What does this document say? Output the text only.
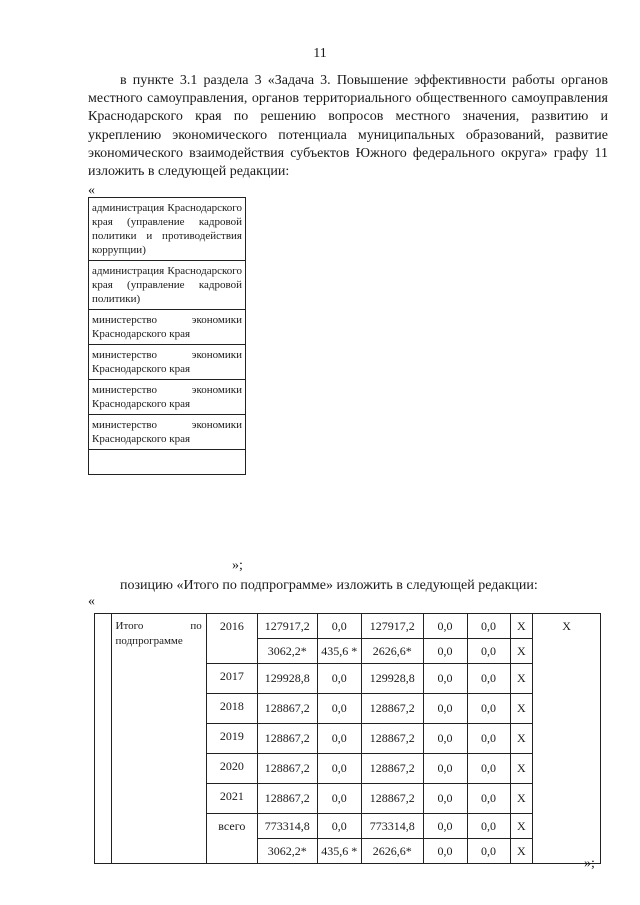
11

в пункте 3.1 раздела 3 «Задача 3. Повышение эффективности работы органов местного самоуправления, органов территориального общественного самоуправления Краснодарского края по решению вопросов местного значения, развитию и укреплению экономического потенциала муниципальных образований, развитие экономического взаимодействия субъектов Южного федерального округа» графу 11 изложить в следующей редакции:

«
администрация Краснодарского края (управление кадровой политики и противодействия коррупции)
администрация Краснодарского края (управление кадровой политики)
министерство экономики Краснодарского края
министерство экономики Краснодарского края
министерство экономики Краснодарского края
министерство экономики Краснодарского края

»;
позицию «Итого по подпрограмме» изложить в следующей редакции:
«
	Итого по подпрограмме	2016	127917,2	0,0	127917,2	0,0	0,0	X	X
			3062,2*	435,6 *	2626,6*	0,0	0,0	X	
		2017	129928,8	0,0	129928,8	0,0	0,0	X	
		2018	128867,2	0,0	128867,2	0,0	0,0	X	
		2019	128867,2	0,0	128867,2	0,0	0,0	X	
		2020	128867,2	0,0	128867,2	0,0	0,0	X	
		2021	128867,2	0,0	128867,2	0,0	0,0	X	
		всего	773314,8	0,0	773314,8	0,0	0,0	X	
			3062,2*	435,6 *	2626,6*	0,0	0,0	X	
»;
